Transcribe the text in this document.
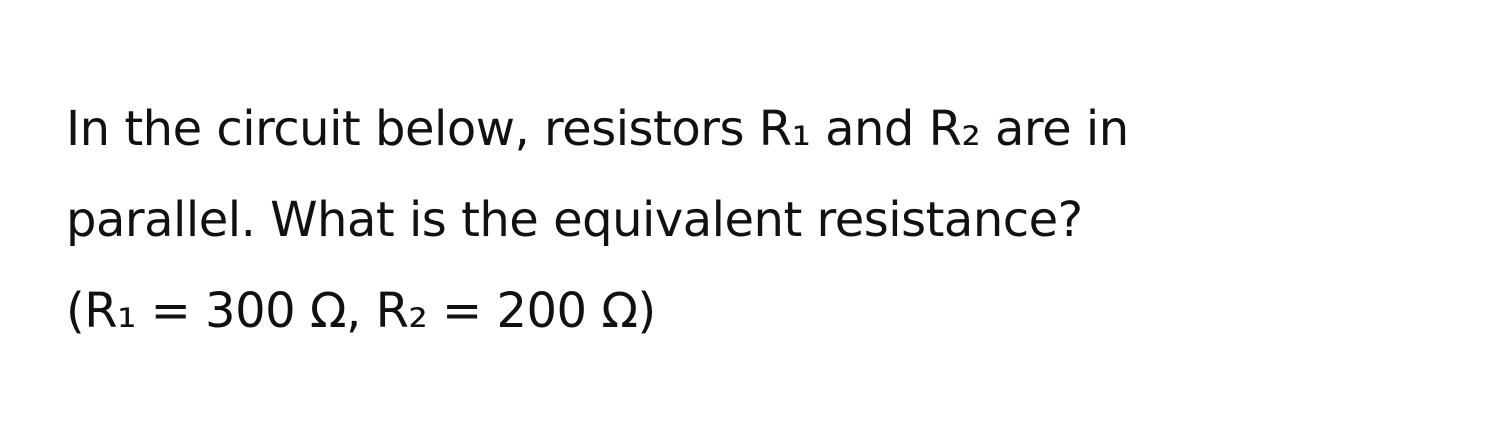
In the circuit below, resistors R₁ and R₂ are in
parallel. What is the equivalent resistance?
(R₁ = 300 Ω, R₂ = 200 Ω)
